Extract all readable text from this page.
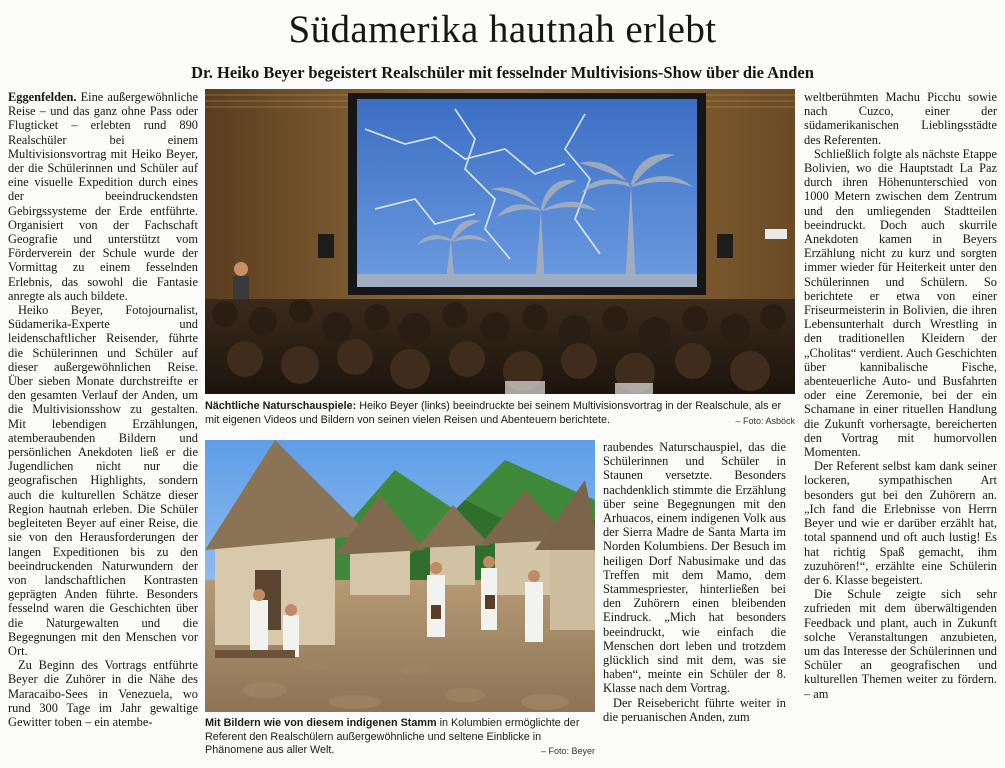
Südamerika hautnah erlebt
Dr. Heiko Beyer begeistert Realschüler mit fesselnder Multivisions-Show über die Anden

Eggenfelden. Eine außergewöhnliche Reise – und das ganz ohne Pass oder Flugticket – erlebten rund 890 Realschüler bei einem Multivisionsvortrag mit Heiko Beyer, der die Schülerinnen und Schüler auf eine visuelle Expedition durch eines der beeindruckendsten Gebirgssysteme der Erde entführte. Organisiert von der Fachschaft Geografie und unterstützt vom Förderverein der Schule wurde der Vormittag zu einem fesselnden Erlebnis, das sowohl die Fantasie anregte als auch bildete.

Heiko Beyer, Fotojournalist, Südamerika-Experte und leidenschaftlicher Reisender, führte die Schülerinnen und Schüler auf dieser außergewöhnlichen Reise. Über sieben Monate durchstreifte er den gesamten Verlauf der Anden, um die Multivisionsshow zu gestalten. Mit lebendigen Erzählungen, atemberaubenden Bildern und persönlichen Anekdoten ließ er die Jugendlichen nicht nur die geografischen Highlights, sondern auch die kulturellen Schätze dieser Region hautnah erleben. Die Schüler begleiteten Beyer auf einer Reise, die sie von den Herausforderungen der langen Expeditionen bis zu den beeindruckenden Naturwundern der von landschaftlichen Kontrasten geprägten Anden führte. Besonders fesselnd waren die Geschichten über die Naturgewalten und die Begegnungen mit den Menschen vor Ort.

Zu Beginn des Vortrags entführte Beyer die Zuhörer in die Nähe des Maracaibo-Sees in Venezuela, wo rund 300 Tage im Jahr gewaltige Gewitter toben – ein atembe-

Nächtliche Naturschauspiele: Heiko Beyer (links) beeindruckte bei seinem Multivisionsvortrag in der Realschule, als er mit eigenen Videos und Bildern von seinen vielen Reisen und Abenteuern berichtete.	– Foto: Asböck
Mit Bildern wie von diesem indigenen Stamm in Kolumbien ermöglichte der Referent den Realschülern außergewöhnliche und seltene Einblicke in Phänomene aus aller Welt.	– Foto: Beyer

raubendes Naturschauspiel, das die Schülerinnen und Schüler in Staunen versetzte. Besonders nachdenklich stimmte die Erzählung über seine Begegnungen mit den Arhuacos, einem indigenen Volk aus der Sierra Madre de Santa Marta im Norden Kolumbiens. Der Besuch im heiligen Dorf Nabusimake und das Treffen mit dem Mamo, dem Stammespriester, hinterließen bei den Zuhörern einen bleibenden Eindruck. „Mich hat besonders beeindruckt, wie einfach die Menschen dort leben und trotzdem glücklich sind mit dem, was sie haben“, meinte ein Schüler der 8. Klasse nach dem Vortrag.

Der Reisebericht führte weiter in die peruanischen Anden, zum

weltberühmten Machu Picchu sowie nach Cuzco, einer der südamerikanischen Lieblingsstädte des Referenten.

Schließlich folgte als nächste Etappe Bolivien, wo die Hauptstadt La Paz durch ihren Höhenunterschied von 1000 Metern zwischen dem Zentrum und den umliegenden Stadtteilen beeindruckt. Doch auch skurrile Anekdoten kamen in Beyers Erzählung nicht zu kurz und sorgten immer wieder für Heiterkeit unter den Schülerinnen und Schülern. So berichtete er etwa von einer Friseurmeisterin in Bolivien, die ihren Lebensunterhalt durch Wrestling in den traditionellen Kleidern der „Cholitas“ verdient. Auch Geschichten über kannibalische Fische, abenteuerliche Auto- und Busfahrten oder eine Zeremonie, bei der ein Schamane in einer rituellen Handlung die Zukunft vorhersagte, bereicherten den Vortrag mit humorvollen Momenten.

Der Referent selbst kam dank seiner lockeren, sympathischen Art besonders gut bei den Zuhörern an. „Ich fand die Erlebnisse von Herrn Beyer und wie er darüber erzählt hat, total spannend und oft auch lustig! Es hat richtig Spaß gemacht, ihm zuzuhören!“, erzählte eine Schülerin der 6. Klasse begeistert.

Die Schule zeigte sich sehr zufrieden mit dem überwältigenden Feedback und plant, auch in Zukunft solche Veranstaltungen anzubieten, um das Interesse der Schülerinnen und Schüler an geografischen und kulturellen Themen weiter zu fördern. – am
